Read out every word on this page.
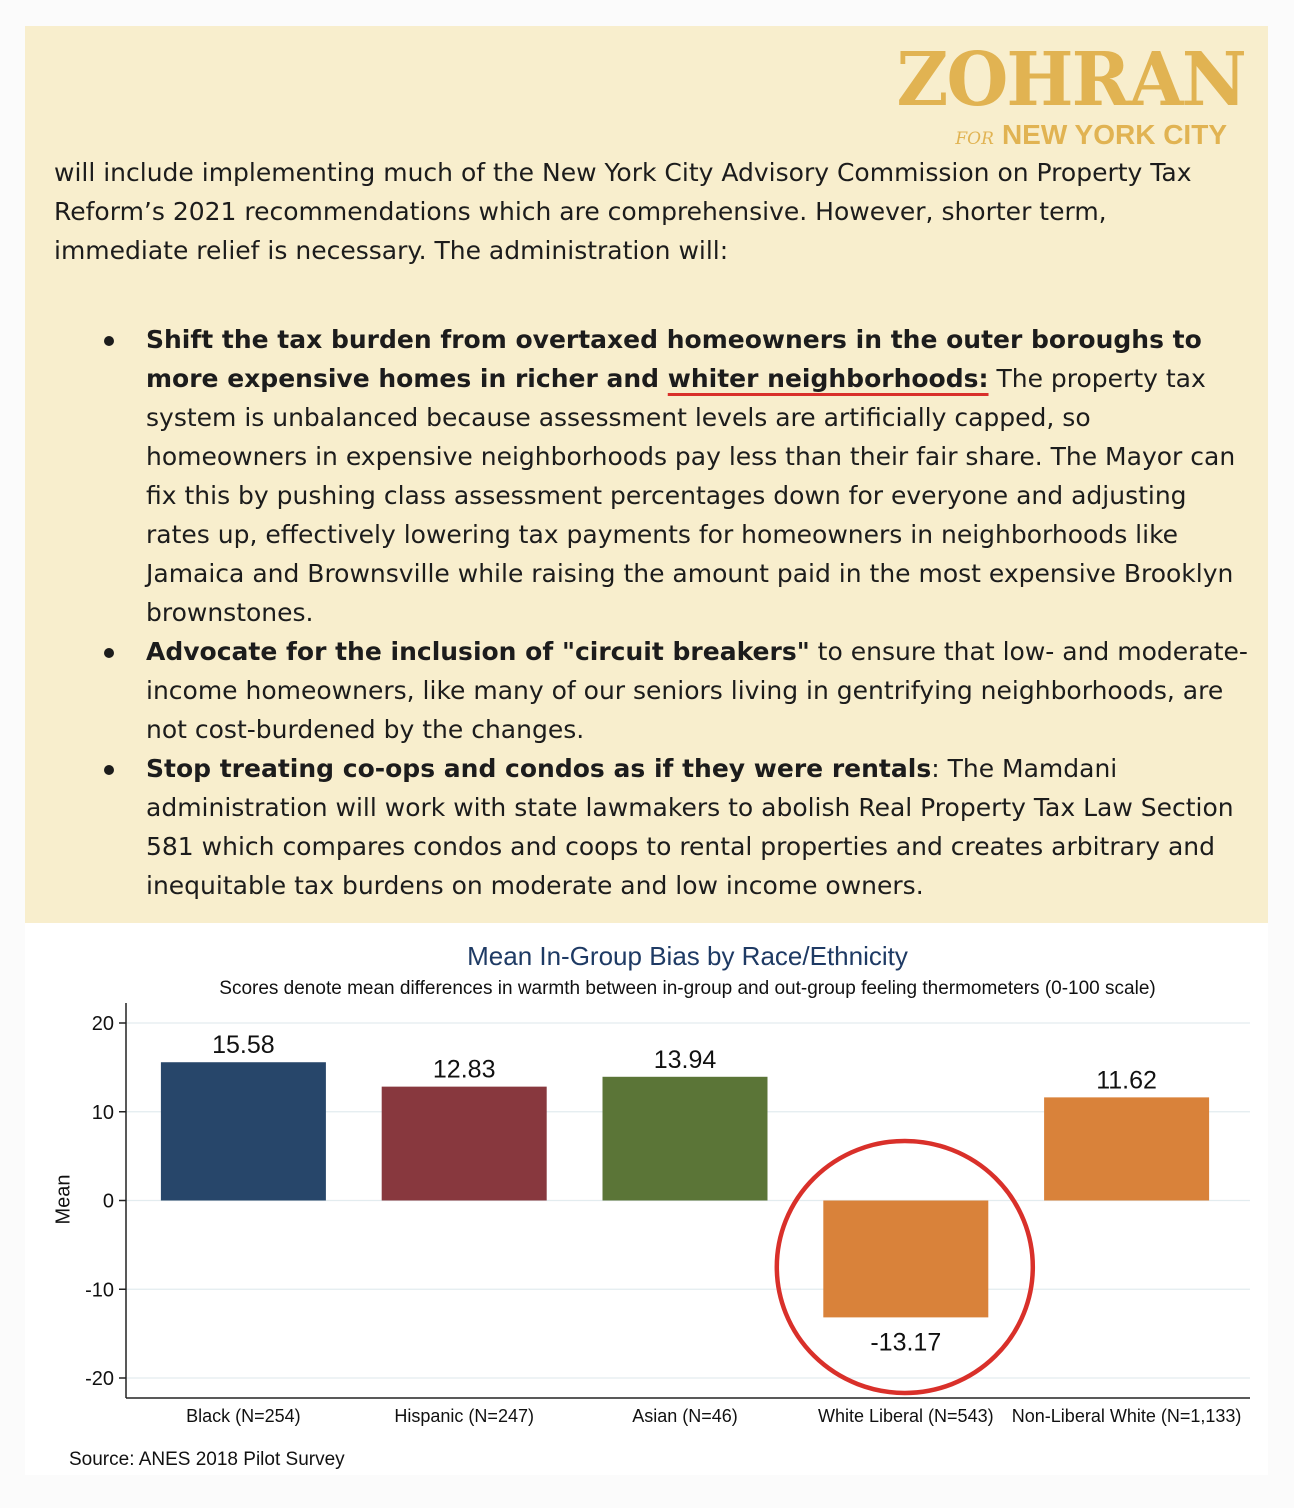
ZOHRAN
FOR NEW YORK CITY

will include implementing much of the New York City Advisory Commission on Property Tax Reform’s 2021 recommendations which are comprehensive. However, shorter term, immediate relief is necessary. The administration will:

Shift the tax burden from overtaxed homeowners in the outer boroughs to more expensive homes in richer and whiter neighborhoods: The property tax system is unbalanced because assessment levels are artificially capped, so homeowners in expensive neighborhoods pay less than their fair share. The Mayor can fix this by pushing class assessment percentages down for everyone and adjusting rates up, effectively lowering tax payments for homeowners in neighborhoods like Jamaica and Brownsville while raising the amount paid in the most expensive Brooklyn brownstones.
Advocate for the inclusion of "circuit breakers" to ensure that low- and moderate-income homeowners, like many of our seniors living in gentrifying neighborhoods, are not cost-burdened by the changes.
Stop treating co-ops and condos as if they were rentals: The Mamdani administration will work with state lawmakers to abolish Real Property Tax Law Section 581 which compares condos and coops to rental properties and creates arbitrary and inequitable tax burdens on moderate and low income owners.
Mean In-Group Bias by Race/Ethnicity
Scores denote mean differences in warmth between in-group and out-group feeling thermometers (0-100 scale)
Mean
20
10
0
-10
-20
15.58
Black (N=254)
12.83
Hispanic (N=247)
13.94
Asian (N=46)
-13.17
White Liberal (N=543)
11.62
Non-Liberal White (N=1,133)
Source: ANES 2018 Pilot Survey
